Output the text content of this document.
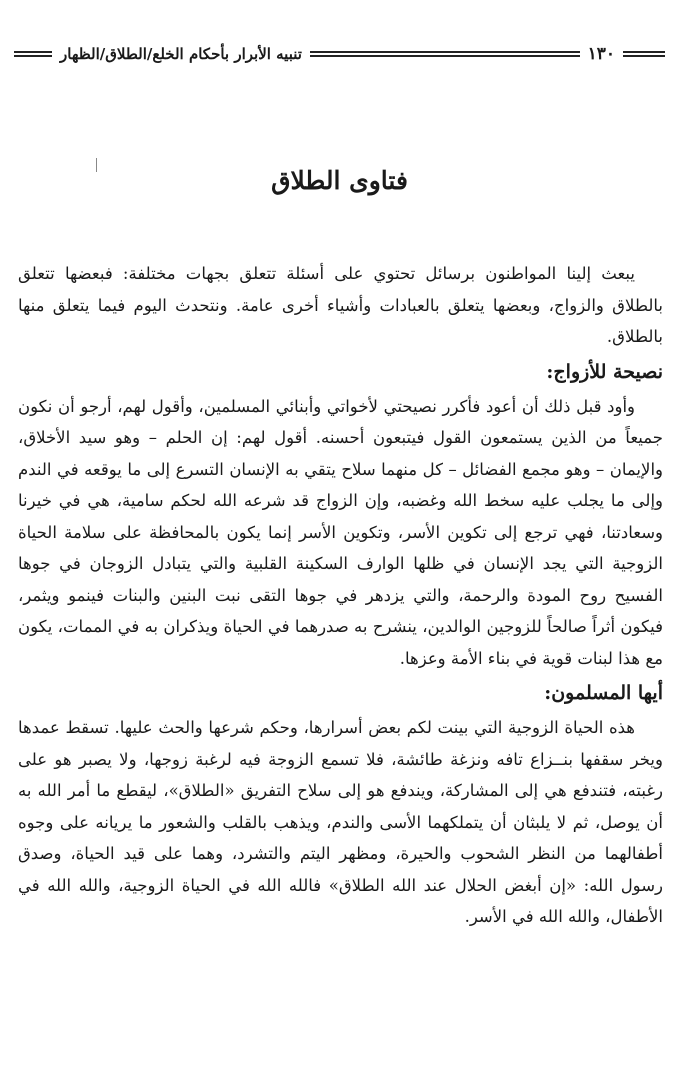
١٣٠
تنبيه الأبرار بأحكام الخلع/الطلاق/الظهار
فتاوى الطلاق

يبعث إلينا المواطنون برسائل تحتوي على أسئلة تتعلق بجهات مختلفة: فبعضها تتعلق بالطلاق والزواج، وبعضها يتعلق بالعبادات وأشياء أخرى عامة. ونتحدث اليوم فيما يتعلق منها بالطلاق.

نصيحة للأزواج:

وأود قبل ذلك أن أعود فأكرر نصيحتي لأخواتي وأبنائي المسلمين، وأقول لهم، أرجو أن نكون جميعاً من الذين يستمعون القول فيتبعون أحسنه. أقول لهم: إن الحلم – وهو سيد الأخلاق، والإيمان – وهو مجمع الفضائل – كل منهما سلاح يتقي به الإنسان التسرع إلى ما يوقعه في الندم وإلى ما يجلب عليه سخط الله وغضبه، وإن الزواج قد شرعه الله لحكم سامية، هي في خيرنا وسعادتنا، فهي ترجع إلى تكوين الأسر، وتكوين الأسر إنما يكون بالمحافظة على سلامة الحياة الزوجية التي يجد الإنسان في ظلها الوارف السكينة القلبية والتي يتبادل الزوجان في جوها الفسيح روح المودة والرحمة، والتي يزدهر في جوها التقى نبت البنين والبنات فينمو ويثمر، فيكون أثراً صالحاً للزوجين الوالدين، ينشرح به صدرهما في الحياة ويذكران به في الممات، يكون مع هذا لبنات قوية في بناء الأمة وعزها.

أيها المسلمون:

هذه الحياة الزوجية التي بينت لكم بعض أسرارها، وحكم شرعها والحث عليها. تسقط عمدها ويخر سقفها بنــزاع تافه ونزغة طائشة، فلا تسمع الزوجة فيه لرغبة زوجها، ولا يصبر هو على رغبته، فتندفع هي إلى المشاركة، ويندفع هو إلى سلاح التفريق «الطلاق»، ليقطع ما أمر الله به أن يوصل، ثم لا يلبثان أن يتملكهما الأسى والندم، ويذهب بالقلب والشعور ما يريانه على وجوه أطفالهما من النظر الشحوب والحيرة، ومظهر اليتم والتشرد، وهما على قيد الحياة، وصدق رسول الله: «إن أبغض الحلال عند الله الطلاق» فالله الله في الحياة الزوجية، والله الله في الأطفال، والله الله في الأسر.
